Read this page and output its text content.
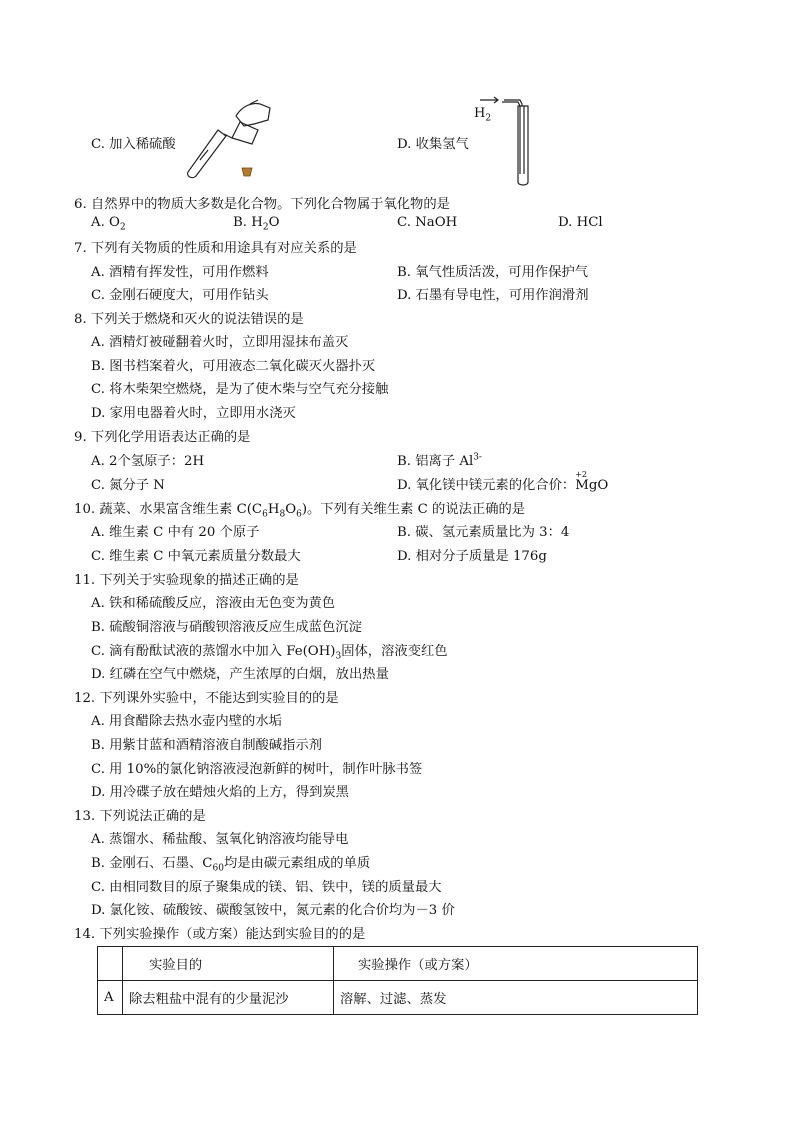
C. 加入稀硫酸	D. 收集氢气
$H_2$
6. 自然界中的物质大多数是化合物。下列化合物属于氧化物的是
A. $O_2$	B. $H_2O$	C. NaOH	D. HCl
7. 下列有关物质的性质和用途具有对应关系的是
A. 酒精有挥发性，可用作燃料	B. 氧气性质活泼，可用作保护气
C. 金刚石硬度大，可用作钻头	D. 石墨有导电性，可用作润滑剂
8. 下列关于燃烧和灭火的说法错误的是
A. 酒精灯被碰翻着火时，立即用湿抹布盖灭
B. 图书档案着火，可用液态二氧化碳灭火器扑灭
C. 将木柴架空燃烧，是为了使木柴与空气充分接触
D. 家用电器着火时，立即用水浇灭
9. 下列化学用语表达正确的是
A. 2个氢原子：2H	B. 铝离子 $Al^{3-}$
C. 氮分子 N	D. 氧化镁中镁元素的化合价：Mg
+2
O
10. 蔬菜、水果富含维生素 $C(C_6H_8O_6)$。下列有关维生素 C 的说法正确的是
A. 维生素 C 中有 20 个原子	B. 碳、氢元素质量比为 3：4
C. 维生素 C 中氧元素质量分数最大	D. 相对分子质量是 176g
11. 下列关于实验现象的描述正确的是
A. 铁和稀硫酸反应，溶液由无色变为黄色
B. 硫酸铜溶液与硝酸钡溶液反应生成蓝色沉淀
C. 滴有酚酞试液的蒸馏水中加入 $Fe(OH)_3$固体，溶液变红色
D. 红磷在空气中燃烧，产生浓厚的白烟，放出热量
12. 下列课外实验中，不能达到实验目的的是
A. 用食醋除去热水壶内壁的水垢
B. 用紫甘蓝和酒精溶液自制酸碱指示剂
C. 用 10%的氯化钠溶液浸泡新鲜的树叶，制作叶脉书签
D. 用冷碟子放在蜡烛火焰的上方，得到炭黑
13. 下列说法正确的是
A. 蒸馏水、稀盐酸、氢氧化钠溶液均能导电
B. 金刚石、石墨、$C_{60}$均是由碳元素组成的单质
C. 由相同数目的原子聚集成的镁、铝、铁中，镁的质量最大
D. 氯化铵、硫酸铵、碳酸氢铵中，氮元素的化合价均为－3 价
14. 下列实验操作（或方案）能达到实验目的的是
	实验目的	实验操作（或方案）
A	除去粗盐中混有的少量泥沙	溶解、过滤、蒸发
